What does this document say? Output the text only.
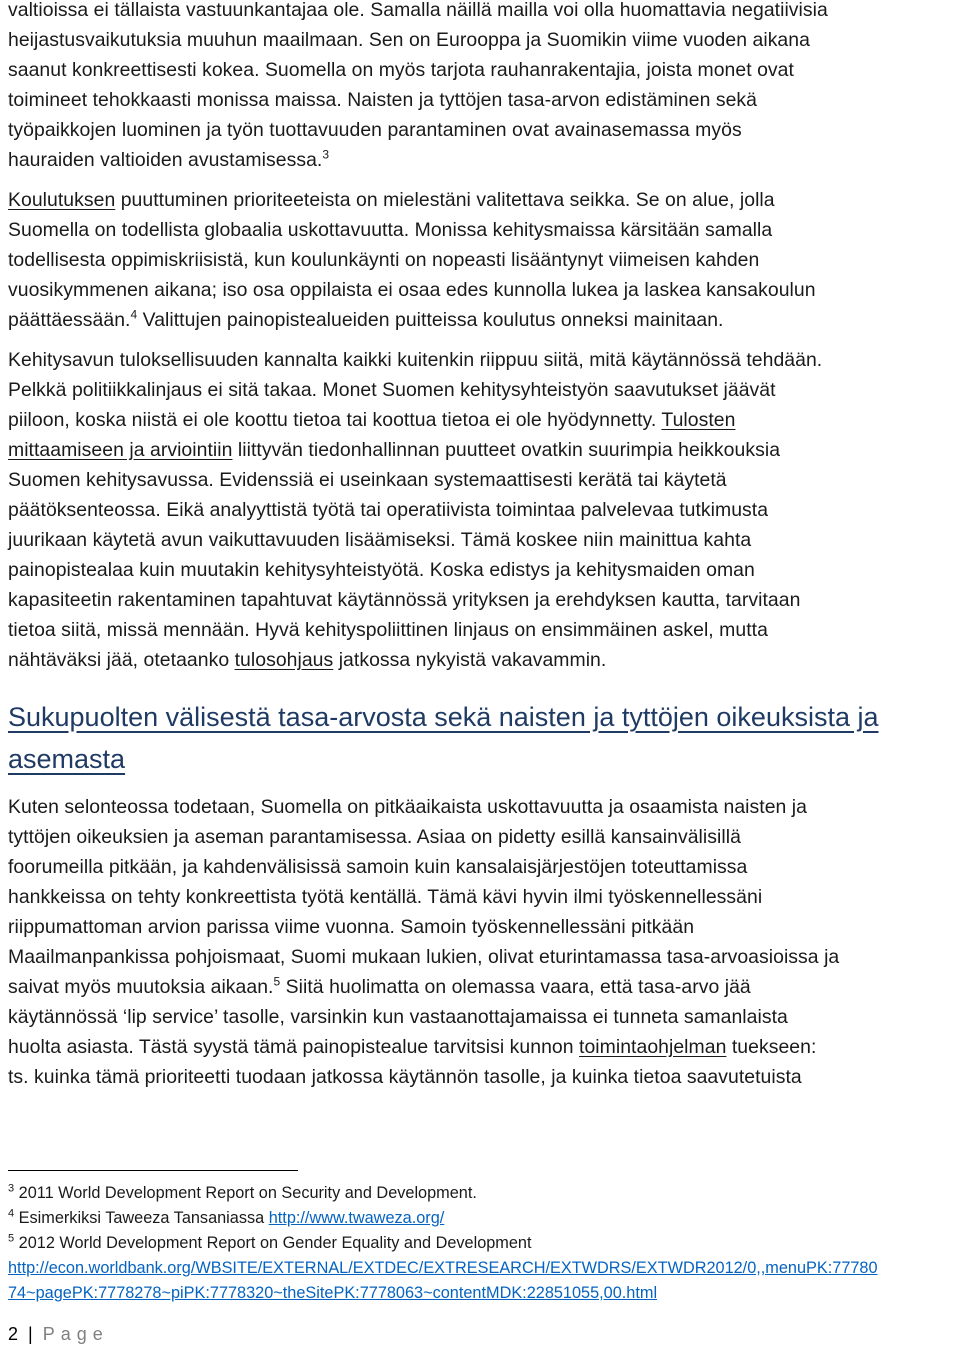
valtioissa ei tällaista vastuunkantajaa ole. Samalla näillä mailla voi olla huomattavia negatiivisia
heijastusvaikutuksia muuhun maailmaan. Sen on Eurooppa ja Suomikin viime vuoden aikana
saanut konkreettisesti kokea. Suomella on myös tarjota rauhanrakentajia, joista monet ovat
toimineet tehokkaasti monissa maissa. Naisten ja tyttöjen tasa-arvon edistäminen sekä
työpaikkojen luominen ja työn tuottavuuden parantaminen ovat avainasemassa myös
hauraiden valtioiden avustamisessa.$^3$
Koulutuksen puuttuminen prioriteeteista on mielestäni valitettava seikka. Se on alue, jolla
Suomella on todellista globaalia uskottavuutta. Monissa kehitysmaissa kärsitään samalla
todellisesta oppimiskriisistä, kun koulunkäynti on nopeasti lisääntynyt viimeisen kahden
vuosikymmenen aikana; iso osa oppilaista ei osaa edes kunnolla lukea ja laskea kansakoulun
päättäessään.$^4$ Valittujen painopistealueiden puitteissa koulutus onneksi mainitaan.
Kehitysavun tuloksellisuuden kannalta kaikki kuitenkin riippuu siitä, mitä käytännössä tehdään.
Pelkkä politiikkalinjaus ei sitä takaa. Monet Suomen kehitysyhteistyön saavutukset jäävät
piiloon, koska niistä ei ole koottu tietoa tai koottua tietoa ei ole hyödynnetty. Tulosten
mittaamiseen ja arviointiin liittyvän tiedonhallinnan puutteet ovatkin suurimpia heikkouksia
Suomen kehitysavussa. Evidenssiä ei useinkaan systemaattisesti kerätä tai käytetä
päätöksenteossa. Eikä analyyttistä työtä tai operatiivista toimintaa palvelevaa tutkimusta
juurikaan käytetä avun vaikuttavuuden lisäämiseksi. Tämä koskee niin mainittua kahta
painopistealaa kuin muutakin kehitysyhteistyötä. Koska edistys ja kehitysmaiden oman
kapasiteetin rakentaminen tapahtuvat käytännössä yrityksen ja erehdyksen kautta, tarvitaan
tietoa siitä, missä mennään. Hyvä kehityspoliittinen linjaus on ensimmäinen askel, mutta
nähtäväksi jää, otetaanko tulosohjaus jatkossa nykyistä vakavammin.
Sukupuolten välisestä tasa-arvosta sekä naisten ja tyttöjen oikeuksista ja
asemasta
Kuten selonteossa todetaan, Suomella on pitkäaikaista uskottavuutta ja osaamista naisten ja
tyttöjen oikeuksien ja aseman parantamisessa. Asiaa on pidetty esillä kansainvälisillä
foorumeilla pitkään, ja kahdenvälisissä samoin kuin kansalaisjärjestöjen toteuttamissa
hankkeissa on tehty konkreettista työtä kentällä. Tämä kävi hyvin ilmi työskennellessäni
riippumattoman arvion parissa viime vuonna. Samoin työskennellessäni pitkään
Maailmanpankissa pohjoismaat, Suomi mukaan lukien, olivat eturintamassa tasa-arvoasioissa ja
saivat myös muutoksia aikaan.$^5$ Siitä huolimatta on olemassa vaara, että tasa-arvo jää
käytännössä ‘lip service’ tasolle, varsinkin kun vastaanottajamaissa ei tunneta samanlaista
huolta asiasta. Tästä syystä tämä painopistealue tarvitsisi kunnon toimintaohjelman tuekseen:
ts. kuinka tämä prioriteetti tuodaan jatkossa käytännön tasolle, ja kuinka tietoa saavutetuista
$^3$ 2011 World Development Report on Security and Development.
$^4$ Esimerkiksi Taweeza Tansaniassa http://www.twaweza.org/
$^5$ 2012 World Development Report on Gender Equality and Development
http://econ.worldbank.org/WBSITE/EXTERNAL/EXTDEC/EXTRESEARCH/EXTWDRS/EXTWDR2012/0,,menuPK:77780
74~pagePK:7778278~piPK:7778320~theSitePK:7778063~contentMDK:22851055,00.html
2 | Page
